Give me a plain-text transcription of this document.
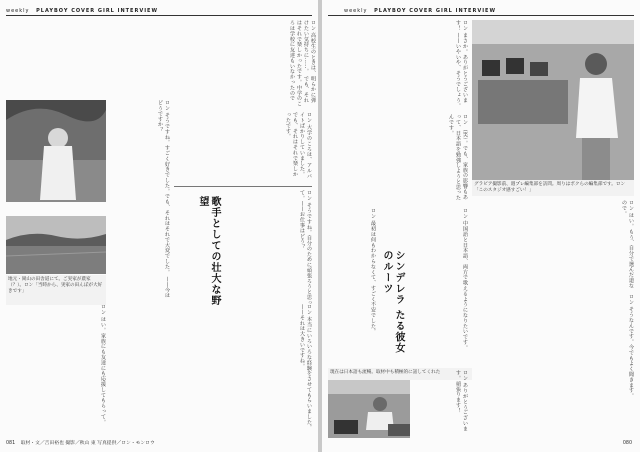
weekly PLAYBOY COVER GIRL INTERVIEW
ロン 高校生のときは、明らかに弾けたい気持ちに……。 でも、それはそれで楽しかったです。中学のころは学校に友達もいなかったので
地元・岡山の田舎道にて。ご実家が農家（？）。ロン「当時から、実家の田んぼが大好きです」	ロン そうですね。すごく好きでした。でも、それはそれで大変でした。 ——今はどうですか？	ロン 大学のころは、アルバイトばかりしていました。でも、それはそれで楽しかったです。
歌手としての壮大な野望	ロン そうですね。自分のために頑張ろうと思って。——お仕事はどう？
ロン 本当にいろいろな経験をさせてもらいました。 ——それは大きいですね。
ロン はい。家族にも友達にも応援してもらって。
081 取材・文／吉田裕也 撮影／秋山 東 写真提供／ロン・モンロウ
weekly PLAYBOY COVER GIRL INTERVIEW
ロン まさか。ありがとうございます！ ——いやいや、そうでしょう。
グラビア撮影前、週プレ編集部を訪問。周りはボクらの編集部です。ロン「このスタジオ感すごい！」
ロン （笑）。でも、家族の影響もあって、日本語を勉強しようと思ったんです。
ロン はい。もう、自分で選んだ道なので。
シンデレラ たる彼女のルーツ
ロン 最初は何もわからなくて、すごく不安でした。	ロン 中国語と日本語、両方で歌えるようになりたいです。	ロン そうなんです。今でもよく聞きます。
現在は日本語も流暢。取材中も積極的に話してくれた	ロン ありがとうございます。頑張ります！
080
